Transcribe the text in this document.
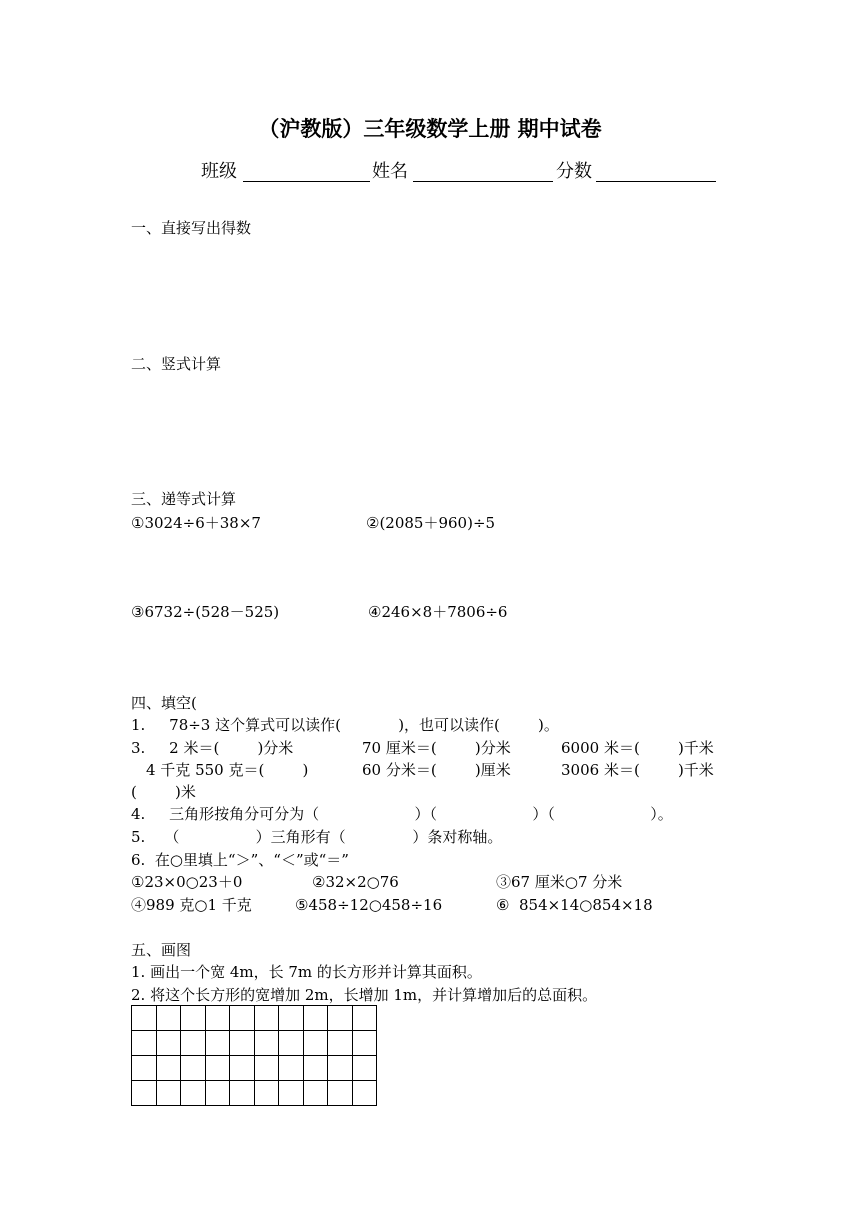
（沪教版）三年级数学上册 期中试卷
班级	姓名	分数
一、直接写出得数
二、竖式计算
三、递等式计算
①3024÷6＋38×7	②(2085＋960)÷5
③6732÷(528－525)	④246×8＋7806÷6
四、填空(
1.     78÷3 这个算式可以读作(            )，也可以读作(        )。
3.     2 米＝(        )分米	70 厘米＝(        )分米	6000 米＝(        )千米
4 千克 550 克＝(        )	60 分米＝(        )厘米	3006 米＝(        )千米
(        )米
4.     三角形按角分可分为（                    ）（                    ）（                    ）。
5.    （                ）三角形有（              ）条对称轴。
6.  在○里填上“＞”、“＜”或“＝”
①23×0○23＋0	②32×2○76	③67 厘米○7 分米
④989 克○1 千克	⑤458÷12○458÷16	⑥  854×14○854×18
五、画图
1. 画出一个宽 4m，长 7m 的长方形并计算其面积。
2. 将这个长方形的宽增加 2m，长增加 1m，并计算增加后的总面积。
